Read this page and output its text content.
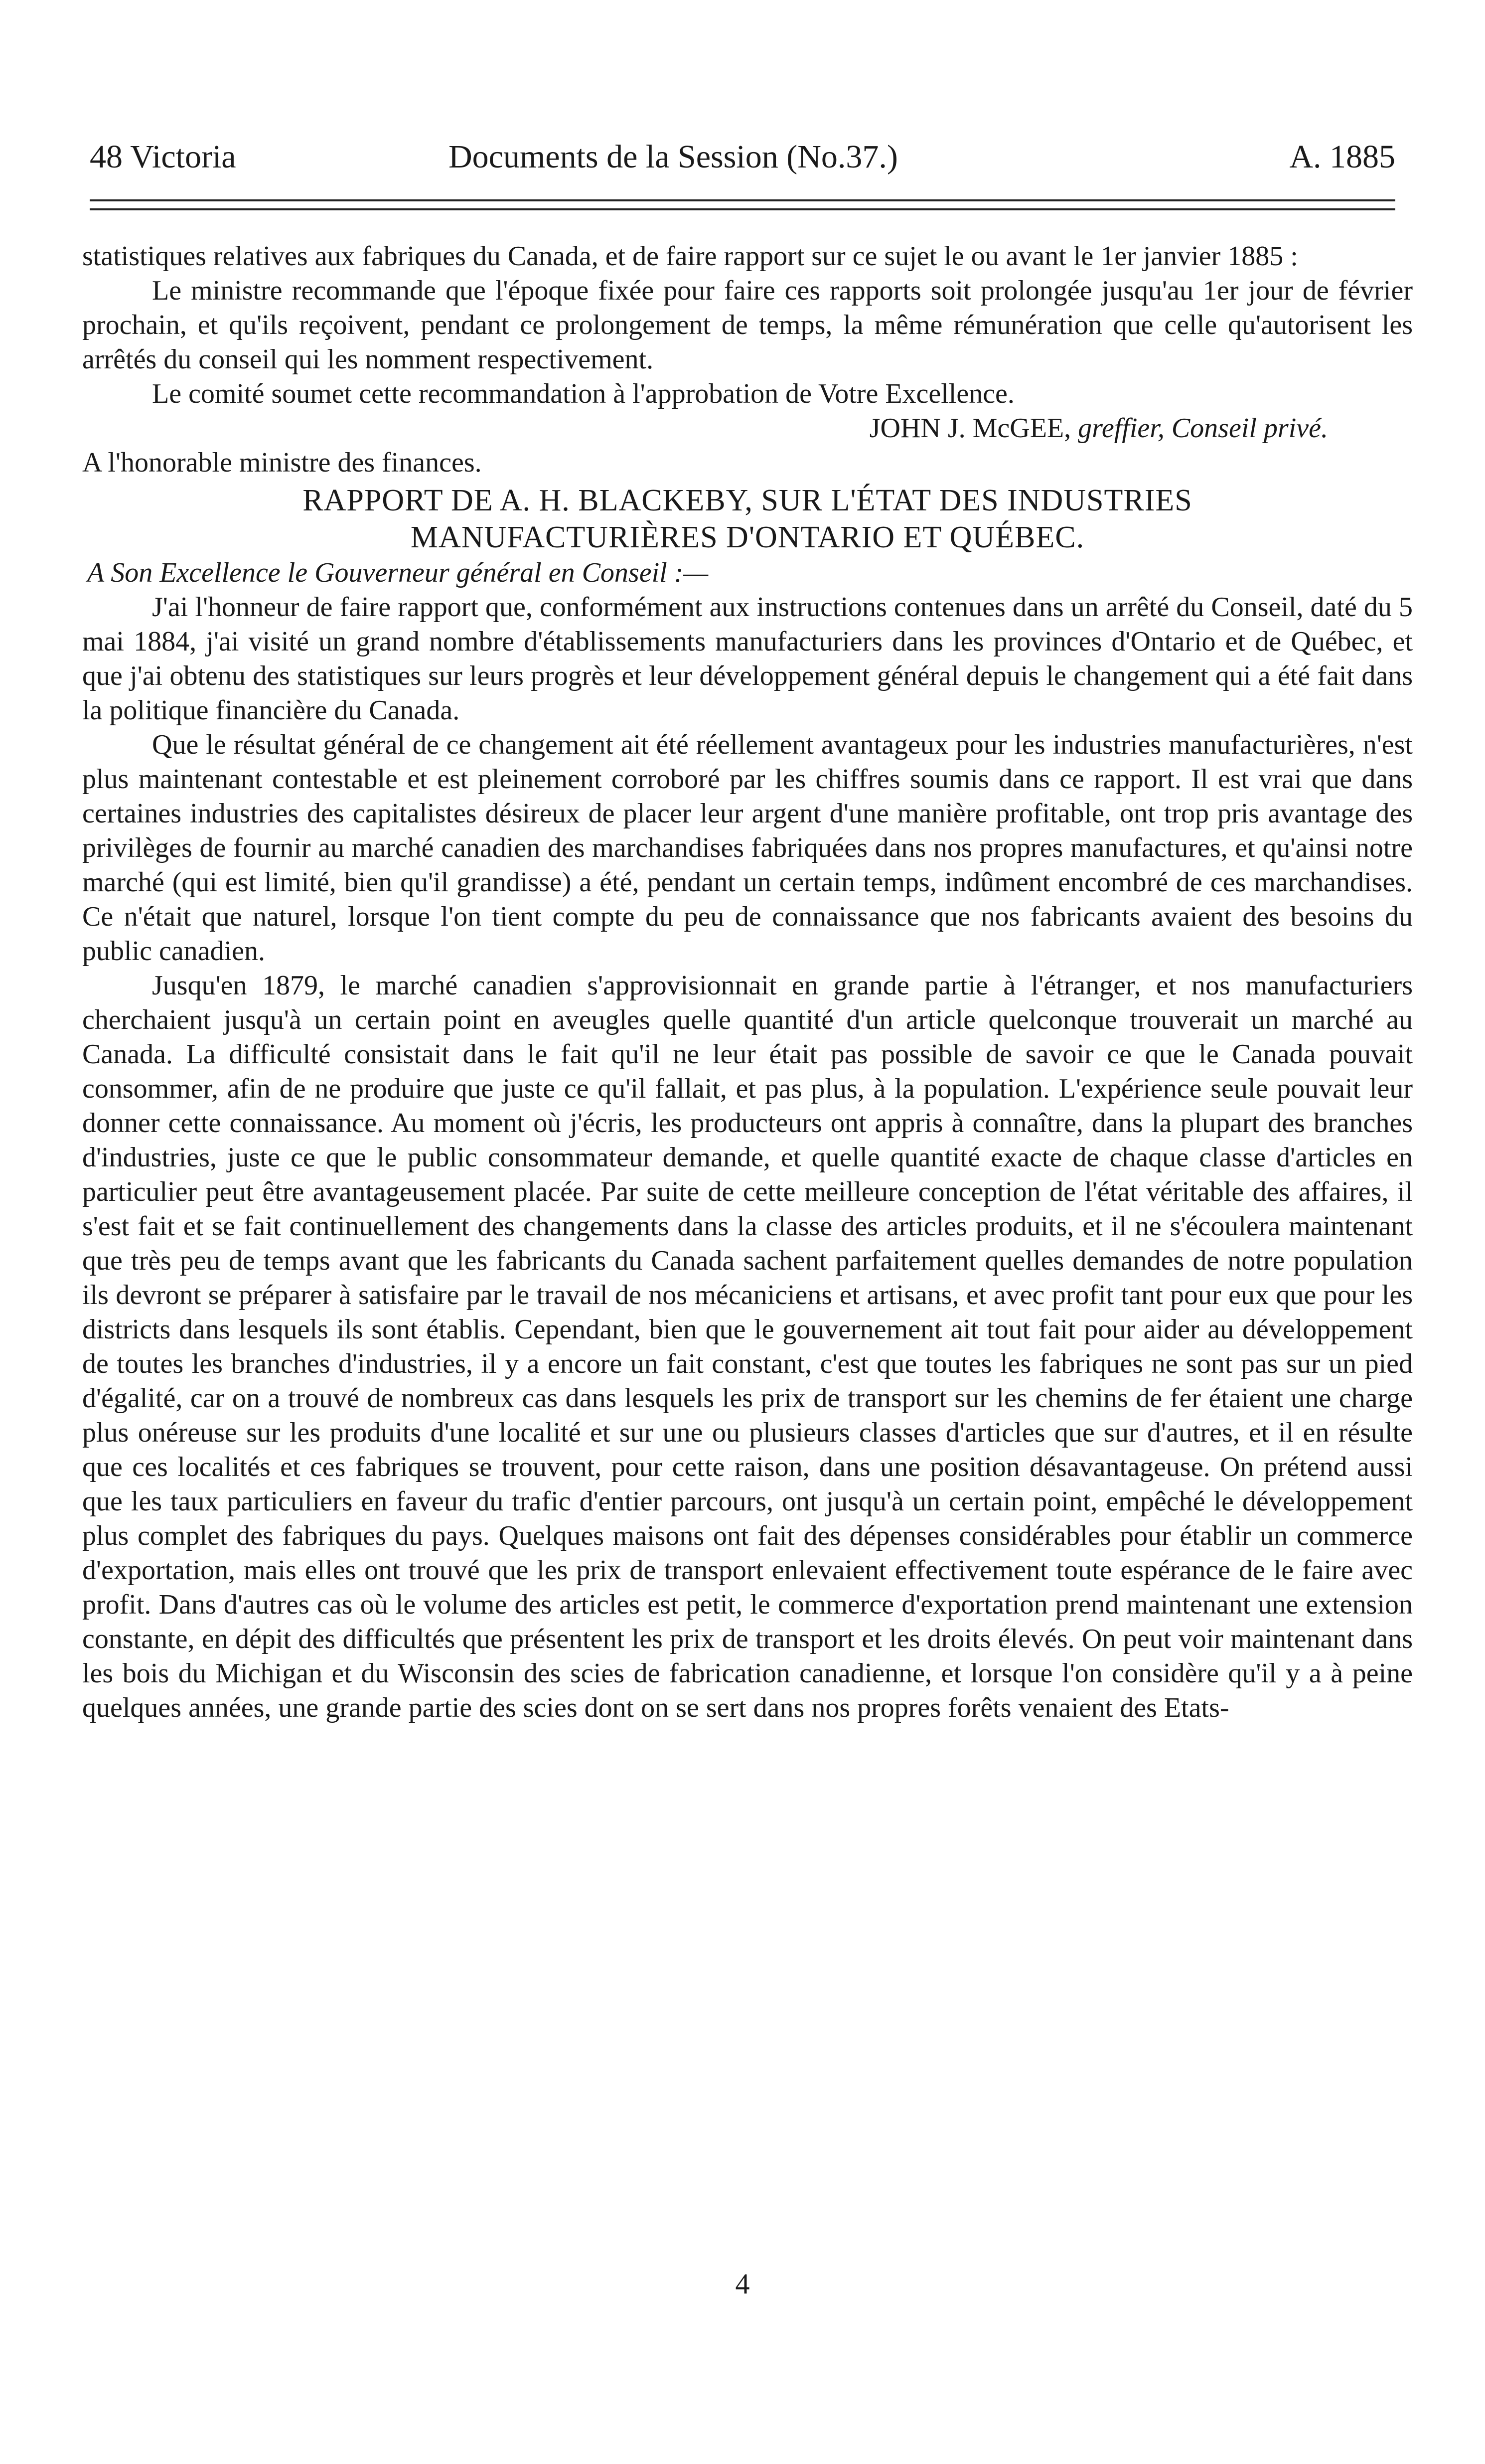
48 Victoria	Documents de la Session (No.37.)	A. 1885

statistiques relatives aux fabriques du Canada, et de faire rapport sur ce sujet le ou avant le 1er janvier 1885 :

Le ministre recommande que l'époque fixée pour faire ces rapports soit prolongée jusqu'au 1er jour de février prochain, et qu'ils reçoivent, pendant ce prolongement de temps, la même rémunération que celle qu'autorisent les arrêtés du conseil qui les nomment respectivement.

Le comité soumet cette recommandation à l'approbation de Votre Excellence.

JOHN J. McGEE, greffier, Conseil privé.

A l'honorable ministre des finances.

RAPPORT DE A. H. BLACKEBY, SUR L'ÉTAT DES INDUSTRIES
MANUFACTURIÈRES D'ONTARIO ET QUÉBEC.

A Son Excellence le Gouverneur général en Conseil :—

J'ai l'honneur de faire rapport que, conformément aux instructions contenues dans un arrêté du Conseil, daté du 5 mai 1884, j'ai visité un grand nombre d'établissements manufacturiers dans les provinces d'Ontario et de Québec, et que j'ai obtenu des statistiques sur leurs progrès et leur développement général depuis le changement qui a été fait dans la politique financière du Canada.

Que le résultat général de ce changement ait été réellement avantageux pour les industries manufacturières, n'est plus maintenant contestable et est pleinement corroboré par les chiffres soumis dans ce rapport. Il est vrai que dans certaines industries des capitalistes désireux de placer leur argent d'une manière profitable, ont trop pris avantage des privilèges de fournir au marché canadien des marchandises fabriquées dans nos propres manufactures, et qu'ainsi notre marché (qui est limité, bien qu'il grandisse) a été, pendant un certain temps, indûment encombré de ces marchandises. Ce n'était que naturel, lorsque l'on tient compte du peu de connaissance que nos fabricants avaient des besoins du public canadien.

Jusqu'en 1879, le marché canadien s'approvisionnait en grande partie à l'étranger, et nos manufacturiers cherchaient jusqu'à un certain point en aveugles quelle quantité d'un article quelconque trouverait un marché au Canada. La difficulté consistait dans le fait qu'il ne leur était pas possible de savoir ce que le Canada pouvait consommer, afin de ne produire que juste ce qu'il fallait, et pas plus, à la population. L'expérience seule pouvait leur donner cette connaissance. Au moment où j'écris, les producteurs ont appris à connaître, dans la plupart des branches d'industries, juste ce que le public consommateur demande, et quelle quantité exacte de chaque classe d'articles en particulier peut être avantageusement placée. Par suite de cette meilleure conception de l'état véritable des affaires, il s'est fait et se fait continuellement des changements dans la classe des articles produits, et il ne s'écoulera maintenant que très peu de temps avant que les fabricants du Canada sachent parfaitement quelles demandes de notre population ils devront se préparer à satisfaire par le travail de nos mécaniciens et artisans, et avec profit tant pour eux que pour les districts dans lesquels ils sont établis. Cependant, bien que le gouvernement ait tout fait pour aider au développement de toutes les branches d'industries, il y a encore un fait constant, c'est que toutes les fabriques ne sont pas sur un pied d'égalité, car on a trouvé de nombreux cas dans lesquels les prix de transport sur les chemins de fer étaient une charge plus onéreuse sur les produits d'une localité et sur une ou plusieurs classes d'articles que sur d'autres, et il en résulte que ces localités et ces fabriques se trouvent, pour cette raison, dans une position désavantageuse. On prétend aussi que les taux particuliers en faveur du trafic d'entier parcours, ont jusqu'à un certain point, empêché le développement plus complet des fabriques du pays. Quelques maisons ont fait des dépenses considérables pour établir un commerce d'exportation, mais elles ont trouvé que les prix de transport enlevaient effectivement toute espérance de le faire avec profit. Dans d'autres cas où le volume des articles est petit, le commerce d'exportation prend maintenant une extension constante, en dépit des difficultés que présentent les prix de transport et les droits élevés. On peut voir maintenant dans les bois du Michigan et du Wisconsin des scies de fabrication canadienne, et lorsque l'on considère qu'il y a à peine quelques années, une grande partie des scies dont on se sert dans nos propres forêts venaient des Etats-

4
